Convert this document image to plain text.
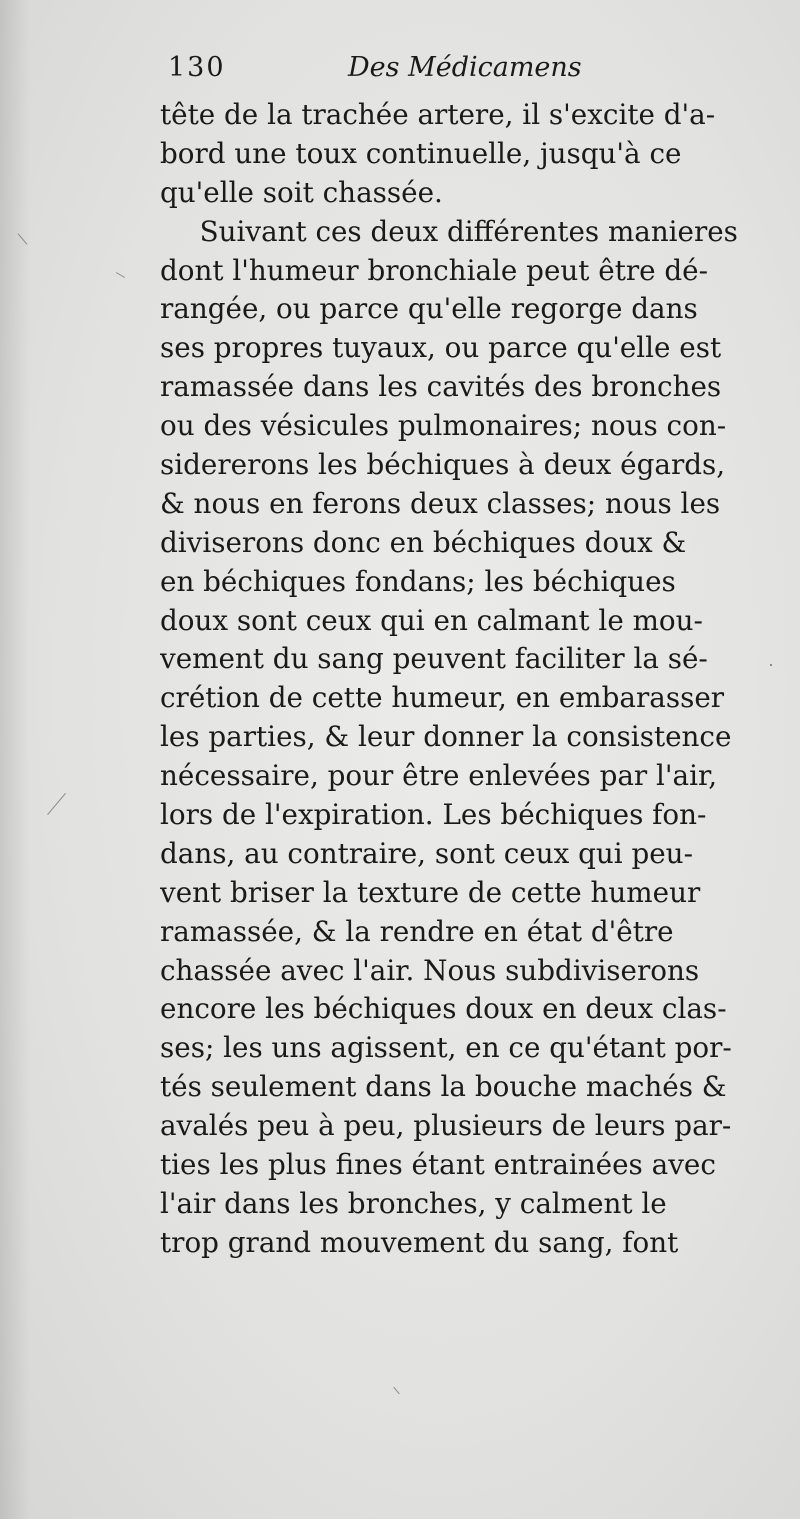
130	Des Médicamens
tête de la trachée artere, il s'excite d'a-
bord une toux continuelle, jusqu'à ce
qu'elle soit chassée.
Suivant ces deux différentes manieres
dont l'humeur bronchiale peut être dé-
rangée, ou parce qu'elle regorge dans
ses propres tuyaux, ou parce qu'elle est
ramassée dans les cavités des bronches
ou des vésicules pulmonaires; nous con-
sidererons les béchiques à deux égards,
& nous en ferons deux classes; nous les
diviserons donc en béchiques doux &
en béchiques fondans; les béchiques
doux sont ceux qui en calmant le mou-
vement du sang peuvent faciliter la sé-
crétion de cette humeur, en embarasser
les parties, & leur donner la consistence
nécessaire, pour être enlevées par l'air,
lors de l'expiration. Les béchiques fon-
dans, au contraire, sont ceux qui peu-
vent briser la texture de cette humeur
ramassée, & la rendre en état d'être
chassée avec l'air. Nous subdiviserons
encore les béchiques doux en deux clas-
ses; les uns agissent, en ce qu'étant por-
tés seulement dans la bouche machés &
avalés peu à peu, plusieurs de leurs par-
ties les plus fines étant entrainées avec
l'air dans les bronches, y calment le
trop grand mouvement du sang, font
